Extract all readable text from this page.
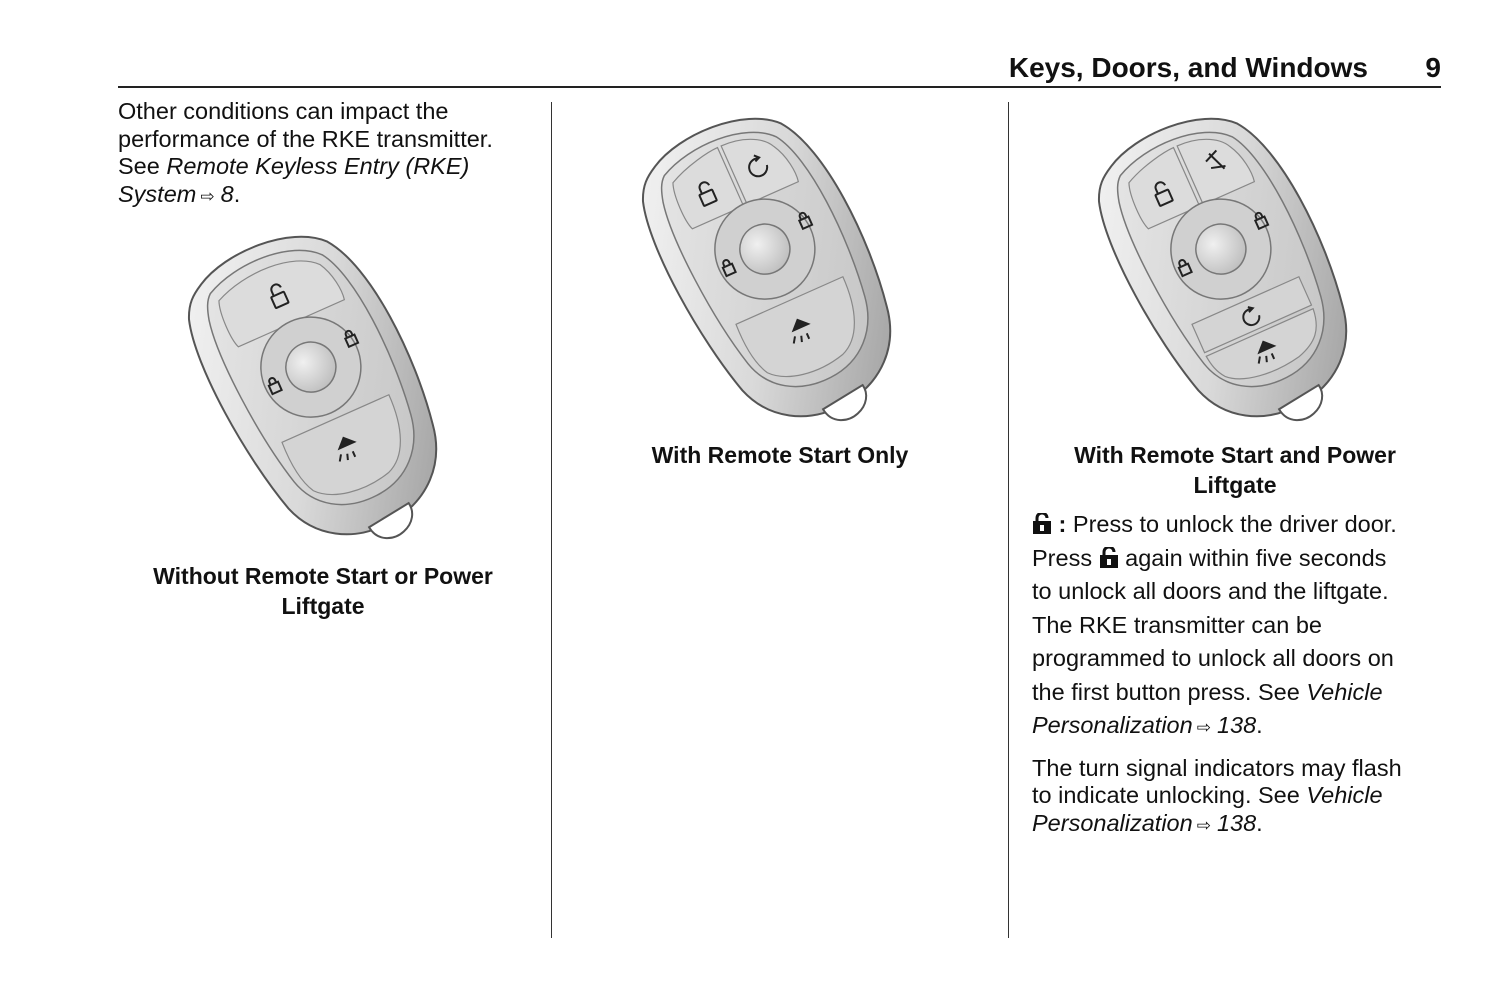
Keys, Doors, and Windows 9

Other conditions can impact the
performance of the RKE transmitter.
See Remote Keyless Entry (RKE)
System ⇨ 8.

Without Remote Start or Power
Liftgate
With Remote Start Only	With Remote Start and Power
Liftgate

: Press to unlock the driver door.
Press again within five seconds
to unlock all doors and the liftgate.
The RKE transmitter can be
programmed to unlock all doors on
the first button press. See Vehicle
Personalization ⇨ 138.

The turn signal indicators may flash
to indicate unlocking. See Vehicle
Personalization ⇨ 138.
